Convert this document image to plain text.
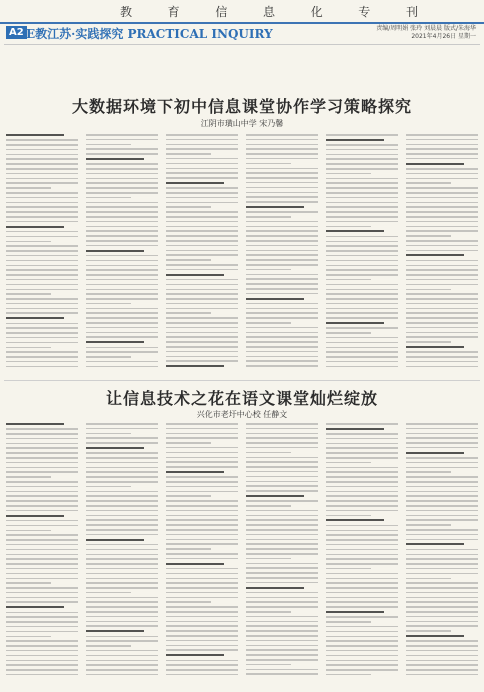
教	育	信	息	化	专	刊
A2 E教江苏·实践探究 PRACTICAL INQUIRY	责编/周明娟 张玲 刘晨晨 版式/朱海华
2021年4月26日 星期一
大数据环境下初中信息课堂协作学习策略探究
江阴市璜山中学 宋乃馨
让信息技术之花在语文课堂灿烂绽放
兴化市老圩中心校 任静文
